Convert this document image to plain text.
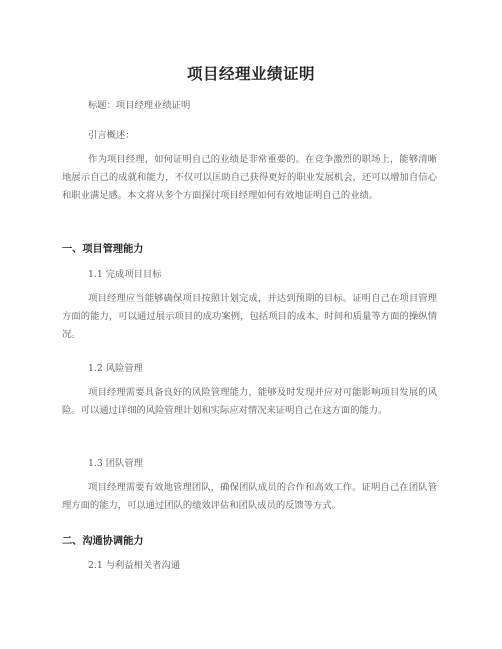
项目经理业绩证明
标题：项目经理业绩证明
引言概述：
作为项目经理，如何证明自己的业绩是非常重要的。在竞争激烈的职场上，能够清晰地展示自己的成就和能力，不仅可以匡助自己获得更好的职业发展机会，还可以增加自信心和职业满足感。本文将从多个方面探讨项目经理如何有效地证明自己的业绩。
一、项目管理能力
1.1 完成项目目标
项目经理应当能够确保项目按照计划完成，并达到预期的目标。证明自己在项目管理方面的能力，可以通过展示项目的成功案例，包括项目的成本、时间和质量等方面的操纵情况。
1.2 风险管理
项目经理需要具备良好的风险管理能力，能够及时发现并应对可能影响项目发展的风险。可以通过详细的风险管理计划和实际应对情况来证明自己在这方面的能力。
1.3 团队管理
项目经理需要有效地管理团队，确保团队成员的合作和高效工作。证明自己在团队管理方面的能力，可以通过团队的绩效评估和团队成员的反馈等方式。
二、沟通协调能力
2.1 与利益相关者沟通
